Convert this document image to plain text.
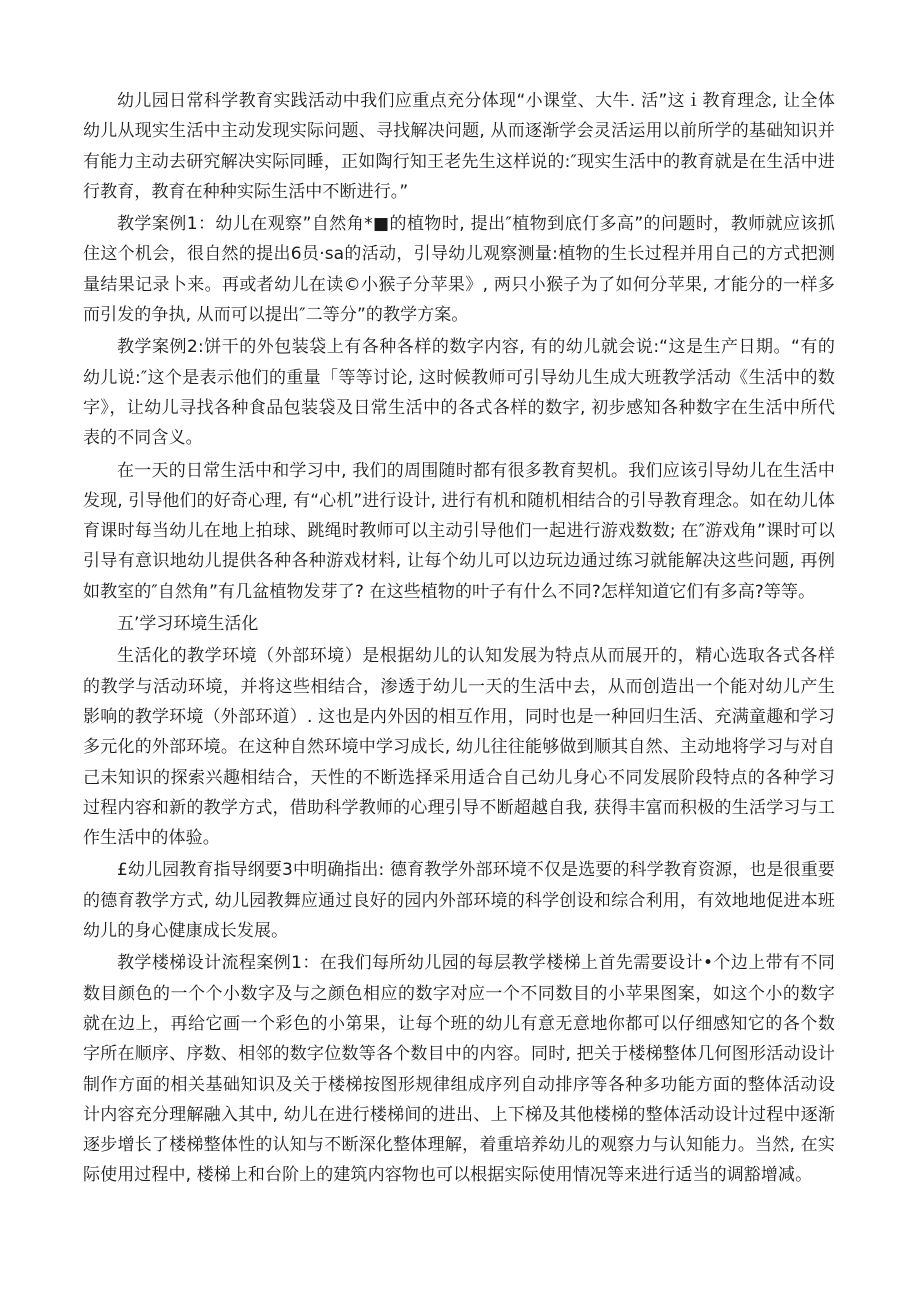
幼儿园日常科学教育实践活动中我们应重点充分体现“小课堂、大牛. 活”这ｉ教育理念, 让全体幼儿从现实生活中主动发现实际问题、寻找解决问题, 从而逐渐学会灵活运用以前所学的基础知识并有能力主动去研究解决实际同睡，正如陶行知王老先生这样说的:″现实生活中的教育就是在生活中进行教育，教育在种种实际生活中不断进行。”

教学案例1：幼儿在观察”自然角*■的植物时, 提出″植物到底仃多高”的问题时，教师就应该抓住这个机会，很自然的提出6员·sa的活动，引导幼儿观察测量:植物的生长过程并用自己的方式把测量结果记录卜来。再或者幼儿在读©小猴子分苹果》, 两只小猴子为了如何分苹果, 才能分的一样多而引发的争执, 从而可以提出″二等分”的教学方案。

教学案例2:饼干的外包装袋上有各种各样的数字内容, 有的幼儿就会说:“这是生产日期。“有的幼儿说:″这个是表示他们的重量「等等讨论, 这时候教师可引导幼儿生成大班教学活动《生活中的数字》，让幼儿寻找各种食品包装袋及日常生活中的各式各样的数字, 初步感知各种数字在生活中所代表的不同含义。

在一天的日常生活中和学习中, 我们的周围随时都有很多教育契机。我们应该引导幼儿在生活中发现, 引导他们的好奇心理, 有“心机”进行设计, 进行有机和随机相结合的引导教育理念。如在幼儿体育课时每当幼儿在地上拍球、跳绳时教师可以主动引导他们一起进行游戏数数; 在″游戏角”课时可以引导有意识地幼儿提供各种各种游戏材料, 让每个幼儿可以边玩边通过练习就能解决这些问题, 再例如教室的″自然角”有几盆植物发芽了? 在这些植物的叶子有什么不同?怎样知道它们有多高?等等。

五’学习环境生活化

生活化的教学环境（外部环境）是根据幼儿的认知发展为特点从而展开的，精心选取各式各样的教学与活动环境，并将这些相结合，渗透于幼儿一天的生活中去，从而创造出一个能对幼儿产生影响的教学环境（外部环道）. 这也是内外因的相互作用，同时也是一种回归生活、充满童趣和学习多元化的外部环境。在这种自然环境中学习成长, 幼儿往往能够做到顺其自然、主动地将学习与对自己未知识的探索兴趣相结合，天性的不断选择采用适合自己幼儿身心不同发展阶段特点的各种学习过程内容和新的教学方式，借助科学教师的心理引导不断超越自我, 获得丰富而积极的生活学习与工作生活中的体验。

£幼儿园教育指导纲要3中明确指出: 德育教学外部环境不仅是选要的科学教育资源，也是很重要的德育教学方式, 幼儿园教舞应通过良好的园内外部环境的科学创设和综合利用，有效地地促进本班幼儿的身心健康成长发展。

教学楼梯设计流程案例1：在我们每所幼儿园的每层教学楼梯上首先需要设计•个边上带有不同数目颜色的一个个小数字及与之颜色相应的数字对应一个不同数目的小苹果图案，如这个小的数字就在边上，再给它画一个彩色的小第果，让每个班的幼儿有意无意地你都可以仔细感知它的各个数字所在顺序、序数、相邻的数字位数等各个数目中的内容。同时, 把关于楼梯整体几何图形活动设计制作方面的相关基础知识及关于楼梯按图形规律组成序列自动排序等各种多功能方面的整体活动设计内容充分理解融入其中, 幼儿在进行楼梯间的进出、上下梯及其他楼梯的整体活动设计过程中逐渐逐步增长了楼梯整体性的认知与不断深化整体理解，着重培养幼儿的观察力与认知能力。当然, 在实际使用过程中, 楼梯上和台阶上的建筑内容物也可以根据实际使用情况等来进行适当的调豁增减。
